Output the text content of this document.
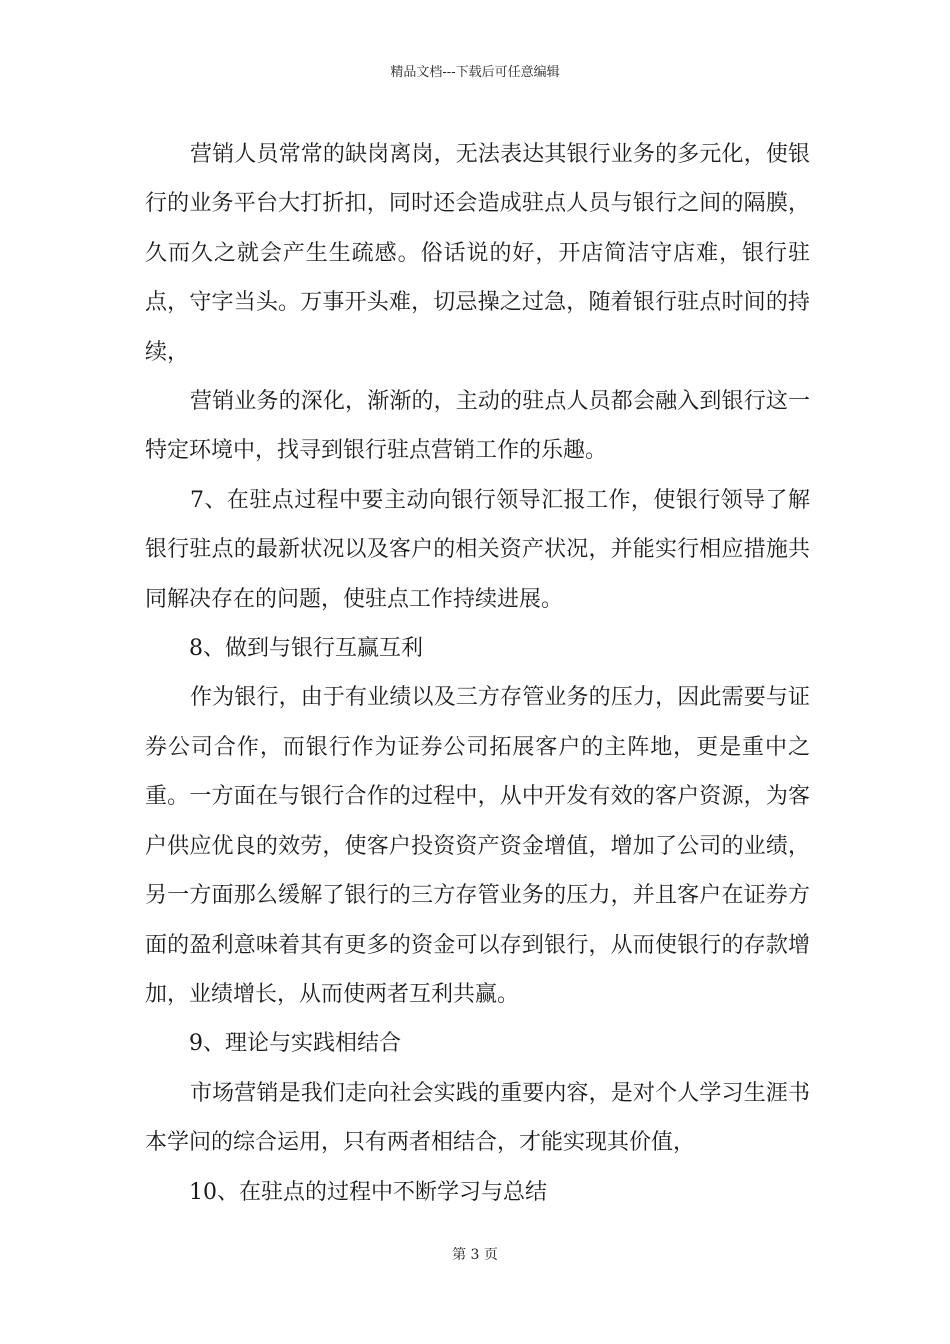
精品文档---下载后可任意编辑

营销人员常常的缺岗离岗，无法表达其银行业务的多元化，使银行的业务平台大打折扣，同时还会造成驻点人员与银行之间的隔膜，久而久之就会产生生疏感。俗话说的好，开店简洁守店难，银行驻点，守字当头。万事开头难，切忌操之过急，随着银行驻点时间的持续，

营销业务的深化，渐渐的，主动的驻点人员都会融入到银行这一特定环境中，找寻到银行驻点营销工作的乐趣。

7、在驻点过程中要主动向银行领导汇报工作，使银行领导了解银行驻点的最新状况以及客户的相关资产状况，并能实行相应措施共同解决存在的问题，使驻点工作持续进展。

8、做到与银行互赢互利

作为银行，由于有业绩以及三方存管业务的压力，因此需要与证券公司合作，而银行作为证券公司拓展客户的主阵地，更是重中之重。一方面在与银行合作的过程中，从中开发有效的客户资源，为客户供应优良的效劳，使客户投资资产资金增值，增加了公司的业绩，另一方面那么缓解了银行的三方存管业务的压力，并且客户在证券方面的盈利意味着其有更多的资金可以存到银行，从而使银行的存款增加，业绩增长，从而使两者互利共赢。

9、理论与实践相结合

市场营销是我们走向社会实践的重要内容，是对个人学习生涯书本学问的综合运用，只有两者相结合，才能实现其价值，

10、在驻点的过程中不断学习与总结

第 3 页
